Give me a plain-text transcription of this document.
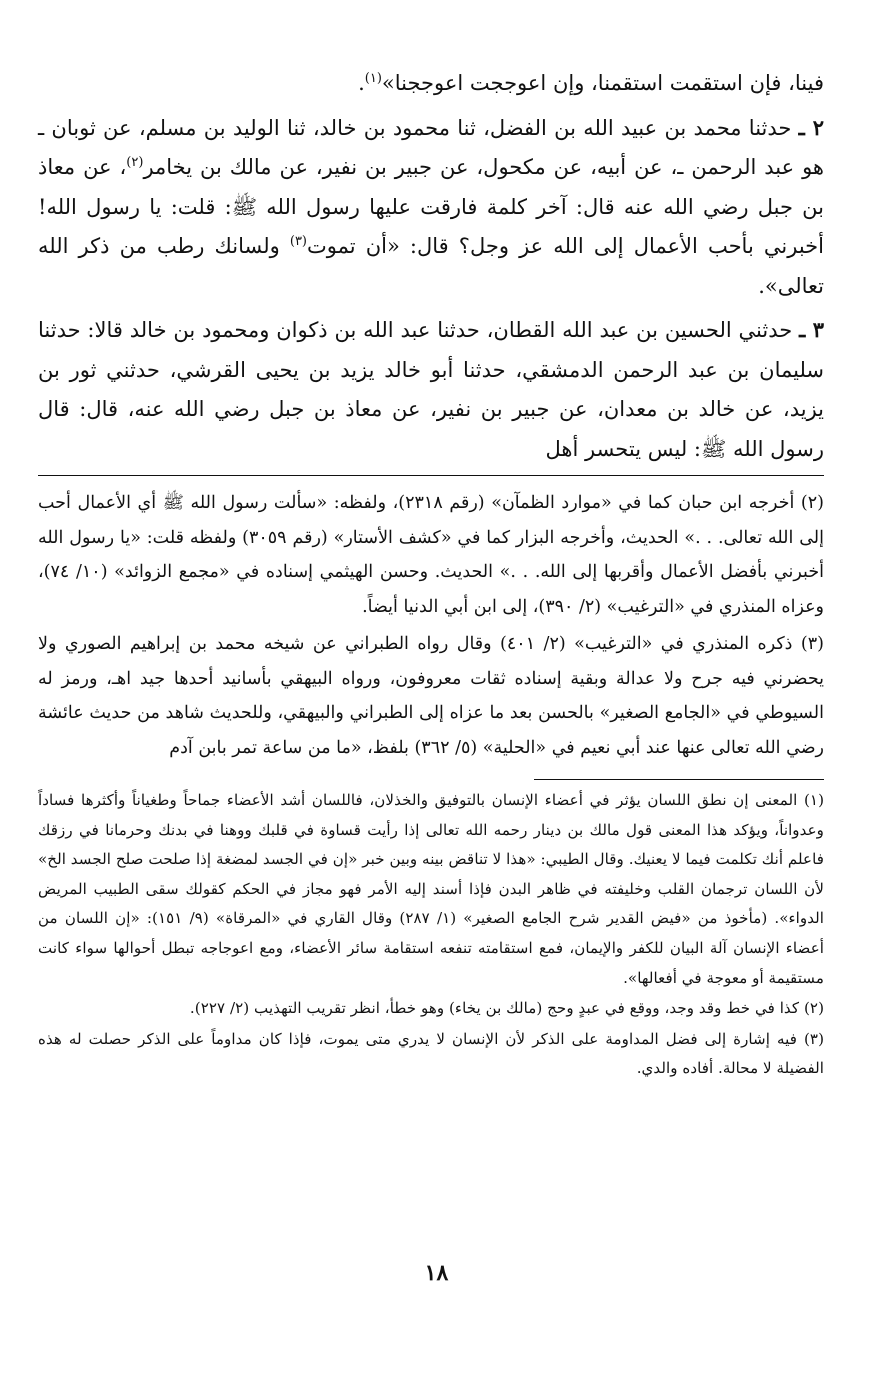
فينا، فإن استقمت استقمنا، وإن اعوججت اعوججنا»$^{(١)}$.

٢ ـ حدثنا محمد بن عبيد الله بن الفضل، ثنا محمود بن خالد، ثنا الوليد بن مسلم، عن ثوبان ـ هو عبد الرحمن ـ، عن أبيه، عن مكحول، عن جبير بن نفير، عن مالك بن يخامر$^{(٢)}$، عن معاذ بن جبل رضي الله عنه قال: آخر كلمة فارقت عليها رسول الله ﷺ: قلت: يا رسول الله! أخبرني بأحب الأعمال إلى الله عز وجل؟ قال: «أن تموت$^{(٣)}$ ولسانك رطب من ذكر الله تعالى».

٣ ـ حدثني الحسين بن عبد الله القطان، حدثنا عبد الله بن ذكوان ومحمود بن خالد قالا: حدثنا سليمان بن عبد الرحمن الدمشقي، حدثنا أبو خالد يزيد بن يحيى القرشي، حدثني ثور بن يزيد، عن خالد بن معدان، عن جبير بن نفير، عن معاذ بن جبل رضي الله عنه، قال: قال رسول الله ﷺ: ليس يتحسر أهل

(٢) أخرجه ابن حبان كما في «موارد الظمآن» (رقم ٢٣١٨)، ولفظه: «سألت رسول الله ﷺ أي الأعمال أحب إلى الله تعالى. . .» الحديث، وأخرجه البزار كما في «كشف الأستار» (رقم ٣٠٥٩) ولفظه قلت: «يا رسول الله أخبرني بأفضل الأعمال وأقربها إلى الله. . .» الحديث. وحسن الهيثمي إسناده في «مجمع الزوائد» (١٠/ ٧٤)، وعزاه المنذري في «الترغيب» (٢/ ٣٩٠)، إلى ابن أبي الدنيا أيضاً.

(٣) ذكره المنذري في «الترغيب» (٢/ ٤٠١) وقال رواه الطبراني عن شيخه محمد بن إبراهيم الصوري ولا يحضرني فيه جرح ولا عدالة وبقية إسناده ثقات معروفون، ورواه البيهقي بأسانيد أحدها جيد اهـ، ورمز له السيوطي في «الجامع الصغير» بالحسن بعد ما عزاه إلى الطبراني والبيهقي، وللحديث شاهد من حديث عائشة رضي الله تعالى عنها عند أبي نعيم في «الحلية» (٥/ ٣٦٢) بلفظ، «ما من ساعة تمر بابن آدم

(١) المعنى إن نطق اللسان يؤثر في أعضاء الإنسان بالتوفيق والخذلان، فاللسان أشد الأعضاء جماحاً وطغياناً وأكثرها فساداً وعدواناً، ويؤكد هذا المعنى قول مالك بن دينار رحمه الله تعالى إذا رأيت قساوة في قلبك ووهنا في بدنك وحرمانا في رزقك فاعلم أنك تكلمت فيما لا يعنيك. وقال الطيبي: «هذا لا تناقض بينه وبين خبر «إن في الجسد لمضغة إذا صلحت صلح الجسد الخ» لأن اللسان ترجمان القلب وخليفته في ظاهر البدن فإذا أسند إليه الأمر فهو مجاز في الحكم كقولك سقى الطبيب المريض الدواء». (مأخوذ من «فيض القدير شرح الجامع الصغير» (١/ ٢٨٧) وقال القاري في «المرقاة» (٩/ ١٥١): «إن اللسان من أعضاء الإنسان آلة البيان للكفر والإيمان، فمع استقامته تنفعه استقامة سائر الأعضاء، ومع اعوجاجه تبطل أحوالها سواء كانت مستقيمة أو معوجة في أفعالها».

(٢) كذا في خط وقد وجد، ووقع في عبدٍ وحج (مالك بن يخاء) وهو خطأ، انظر تقريب التهذيب (٢/ ٢٢٧).

(٣) فيه إشارة إلى فضل المداومة على الذكر لأن الإنسان لا يدري متى يموت، فإذا كان مداوماً على الذكر حصلت له هذه الفضيلة لا محالة. أفاده والدي.

١٨
